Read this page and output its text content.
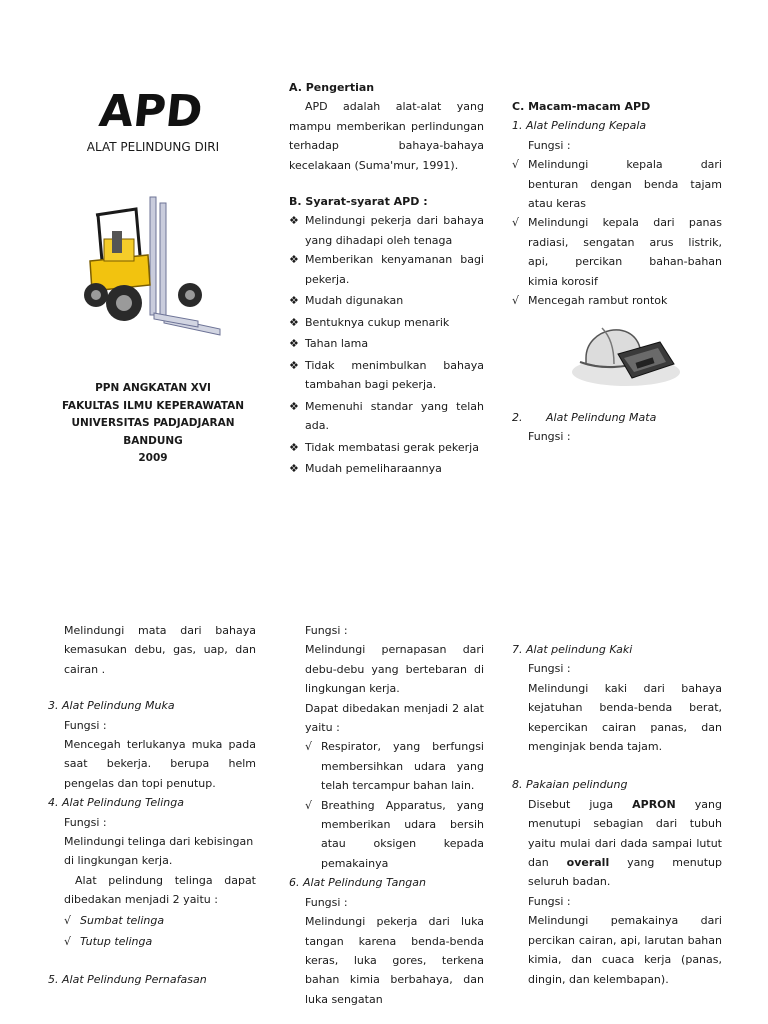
APD
ALAT PELINDUNG DIRI
PPN ANGKATAN XVI
FAKULTAS ILMU KEPERAWATAN
UNIVERSITAS PADJADJARAN
BANDUNG
2009
A. Pengertian
APD adalah alat-alat yang
mampu memberikan perlindungan
terhadap bahaya-bahaya
kecelakaan (Suma'mur, 1991).
B. Syarat-syarat APD :
❖ Melindungi pekerja dari bahaya
yang dihadapi oleh tenaga
❖ Memberikan kenyamanan bagi
pekerja.
❖ Mudah digunakan
❖ Bentuknya cukup menarik
❖ Tahan lama
❖ Tidak menimbulkan bahaya
tambahan bagi pekerja.
❖ Memenuhi standar yang telah
ada.
❖ Tidak membatasi gerak pekerja
❖ Mudah pemeliharaannya
C. Macam-macam APD
1. Alat Pelindung Kepala
Fungsi :
√ Melindungi kepala dari
benturan dengan benda tajam
atau keras
√ Melindungi kepala dari panas
radiasi, sengatan arus listrik,
api, percikan bahan-bahan
kimia korosif
√ Mencegah rambut rontok
2. Alat Pelindung Mata
Fungsi :
Melindungi mata dari bahaya
kemasukan debu, gas, uap, dan
cairan .
3. Alat Pelindung Muka
Fungsi :
Mencegah terlukanya muka pada
saat bekerja. berupa helm
pengelas dan topi penutup.
4. Alat Pelindung Telinga
Fungsi :
Melindungi telinga dari kebisingan
di lingkungan kerja.
Alat pelindung telinga dapat
dibedakan menjadi 2 yaitu :
√ Sumbat telinga
√ Tutup telinga
5. Alat Pelindung Pernafasan
Fungsi :
Melindungi pernapasan dari
debu-debu yang bertebaran di
lingkungan kerja.
Dapat dibedakan menjadi 2 alat
yaitu :
√ Respirator, yang berfungsi
membersihkan udara yang
telah tercampur bahan lain.
√ Breathing Apparatus, yang
memberikan udara bersih
atau oksigen kepada
pemakainya
6. Alat Pelindung Tangan
Fungsi :
Melindungi pekerja dari luka
tangan karena benda-benda
keras, luka gores, terkena
bahan kimia berbahaya, dan
luka sengatan
7. Alat pelindung Kaki
Fungsi :
Melindungi kaki dari bahaya
kejatuhan benda-benda berat,
kepercikan cairan panas, dan
menginjak benda tajam.
8. Pakaian pelindung
Disebut juga APRON yang
menutupi sebagian dari tubuh
yaitu mulai dari dada sampai lutut
dan overall yang menutup
seluruh badan.
Fungsi :
Melindungi pemakainya dari
percikan cairan, api, larutan bahan
kimia, dan cuaca kerja (panas,
dingin, dan kelembapan).
